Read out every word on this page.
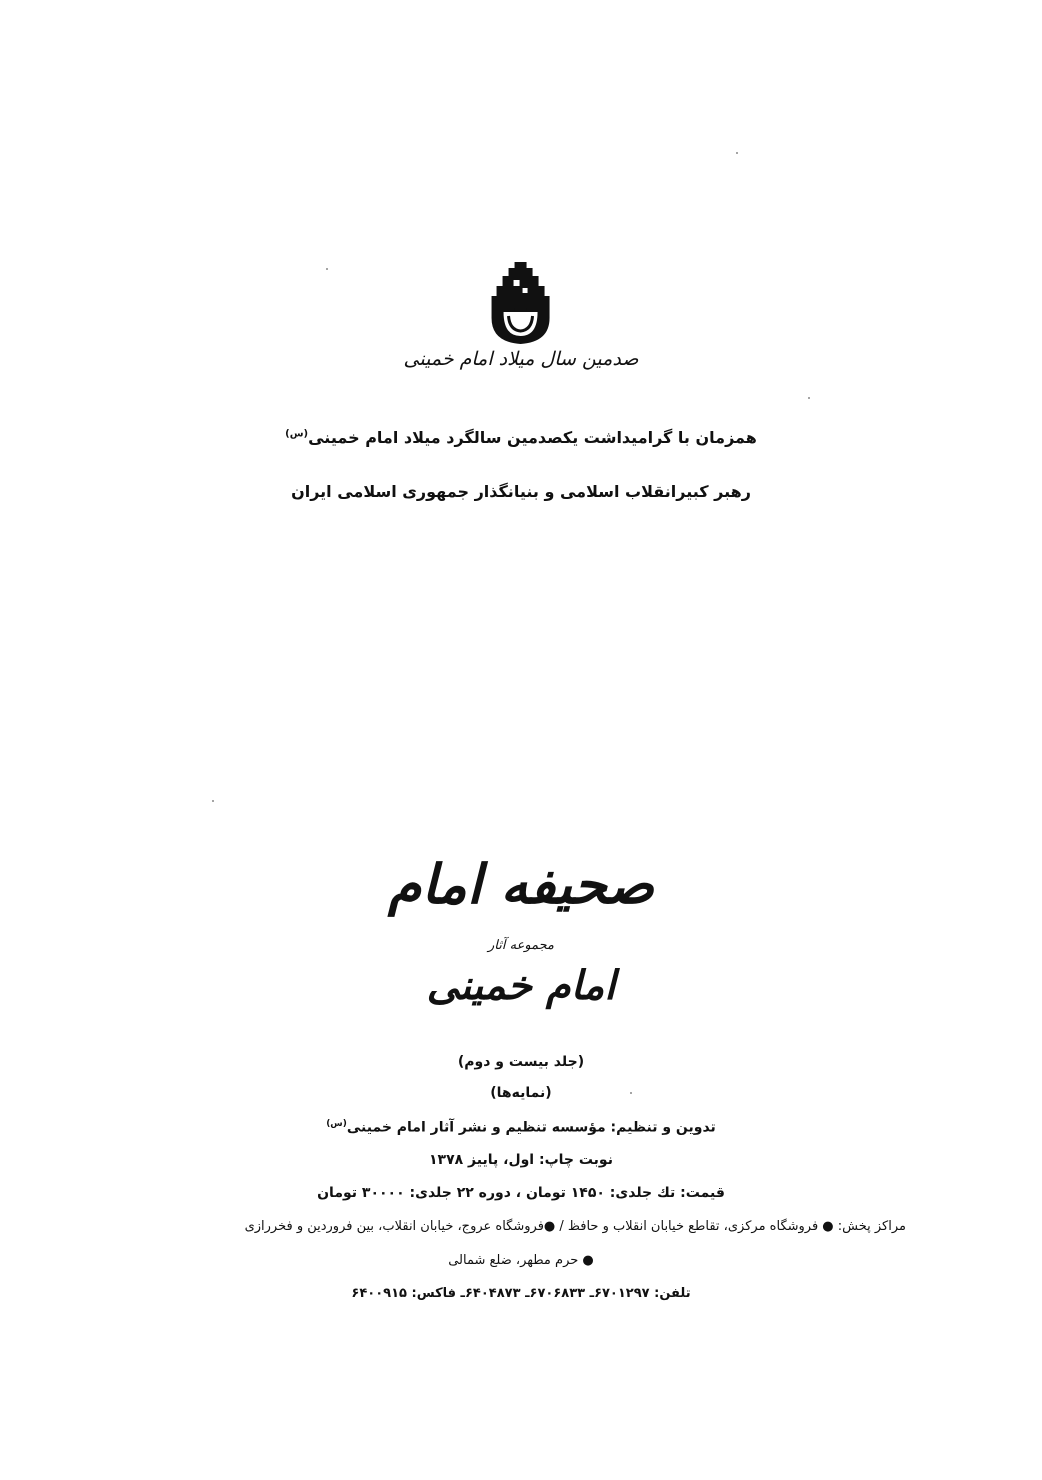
صدمین سال میلاد امام خمینی
همزمان با گرامیداشت یکصدمین سالگرد میلاد امام خمینی$^{(س)}$
رهبر کبیرانقلاب اسلامی و بنیانگذار جمهوری اسلامی ایران
صحیفه امام
مجموعه آثار
امام خمینی
(جلد بیست و دوم)
(نمایه‌ها)
تدوین و تنظیم: مؤسسه تنظیم و نشر آثار امام خمینی$^{(س)}$
نوبت چاپ: اول، پاییز ۱۳۷۸
قیمت: تك جلدی: ۱۴۵۰ تومان ، دوره ۲۲ جلدی: ۳۰۰۰۰ تومان
مراکز پخش: ● فروشگاه مرکزی، تقاطع خیابان انقلاب و حافظ / ●فروشگاه عروج، خیابان انقلاب، بین فروردین و فخررازی
● حرم مطهر، ضلع شمالی
تلفن: ۶۷۰۱۲۹۷ـ ۶۷۰۶۸۳۳ـ ۶۴۰۴۸۷۳ـ فاکس: ۶۴۰۰۹۱۵
